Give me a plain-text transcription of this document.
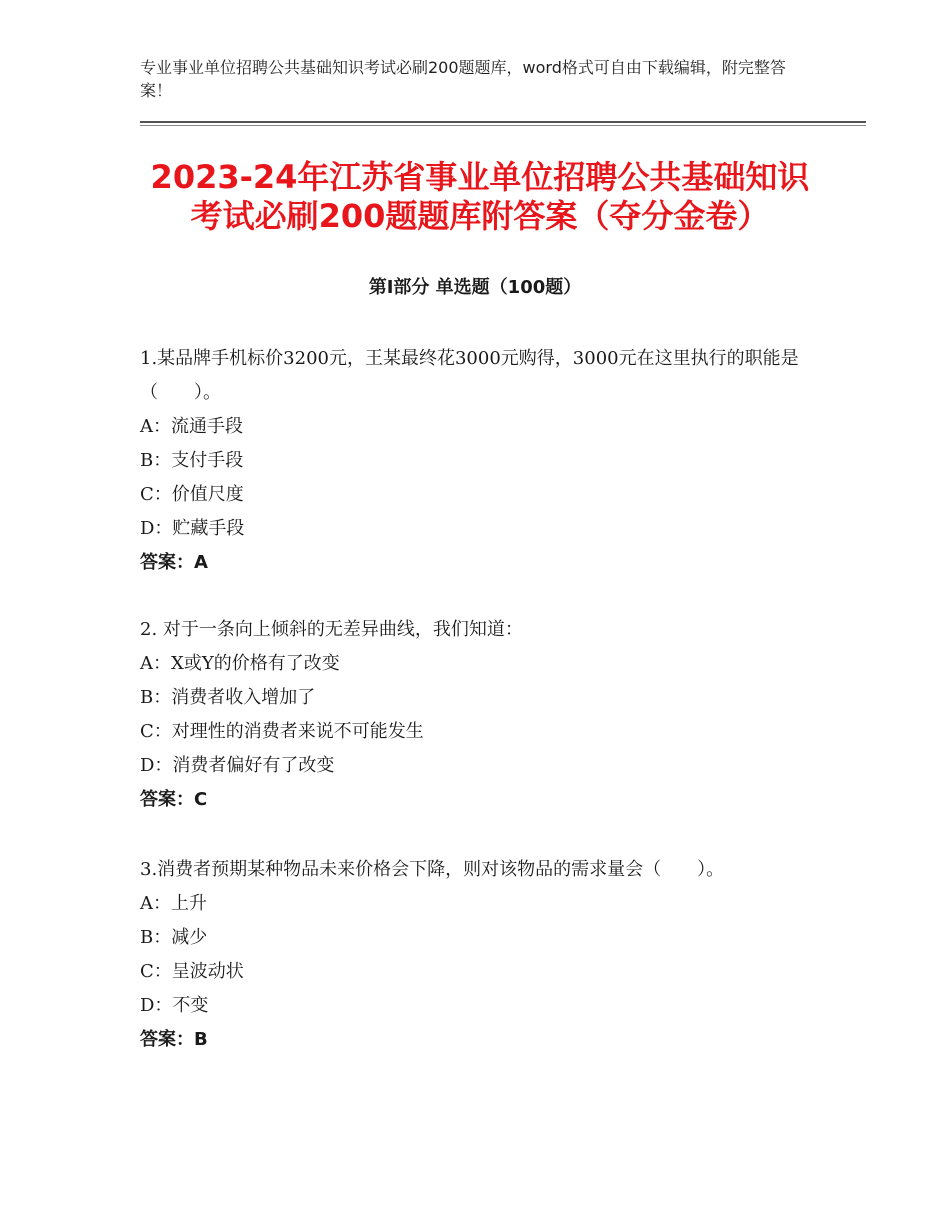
专业事业单位招聘公共基础知识考试必刷200题题库，word格式可自由下载编辑，附完整答案！
2023-24年江苏省事业单位招聘公共基础知识考试必刷200题题库附答案（夺分金卷）
第Ⅰ部分 单选题（100题）

1.某品牌手机标价3200元，王某最终花3000元购得，3000元在这里执行的职能是（　　）。

A：流通手段

B：支付手段

C：价值尺度

D：贮藏手段

答案：A

2. 对于一条向上倾斜的无差异曲线，我们知道：

A：X或Y的价格有了改变

B：消费者收入增加了

C：对理性的消费者来说不可能发生

D：消费者偏好有了改变

答案：C

3.消费者预期某种物品未来价格会下降，则对该物品的需求量会（　　）。

A：上升

B：减少

C：呈波动状

D：不变

答案：B
